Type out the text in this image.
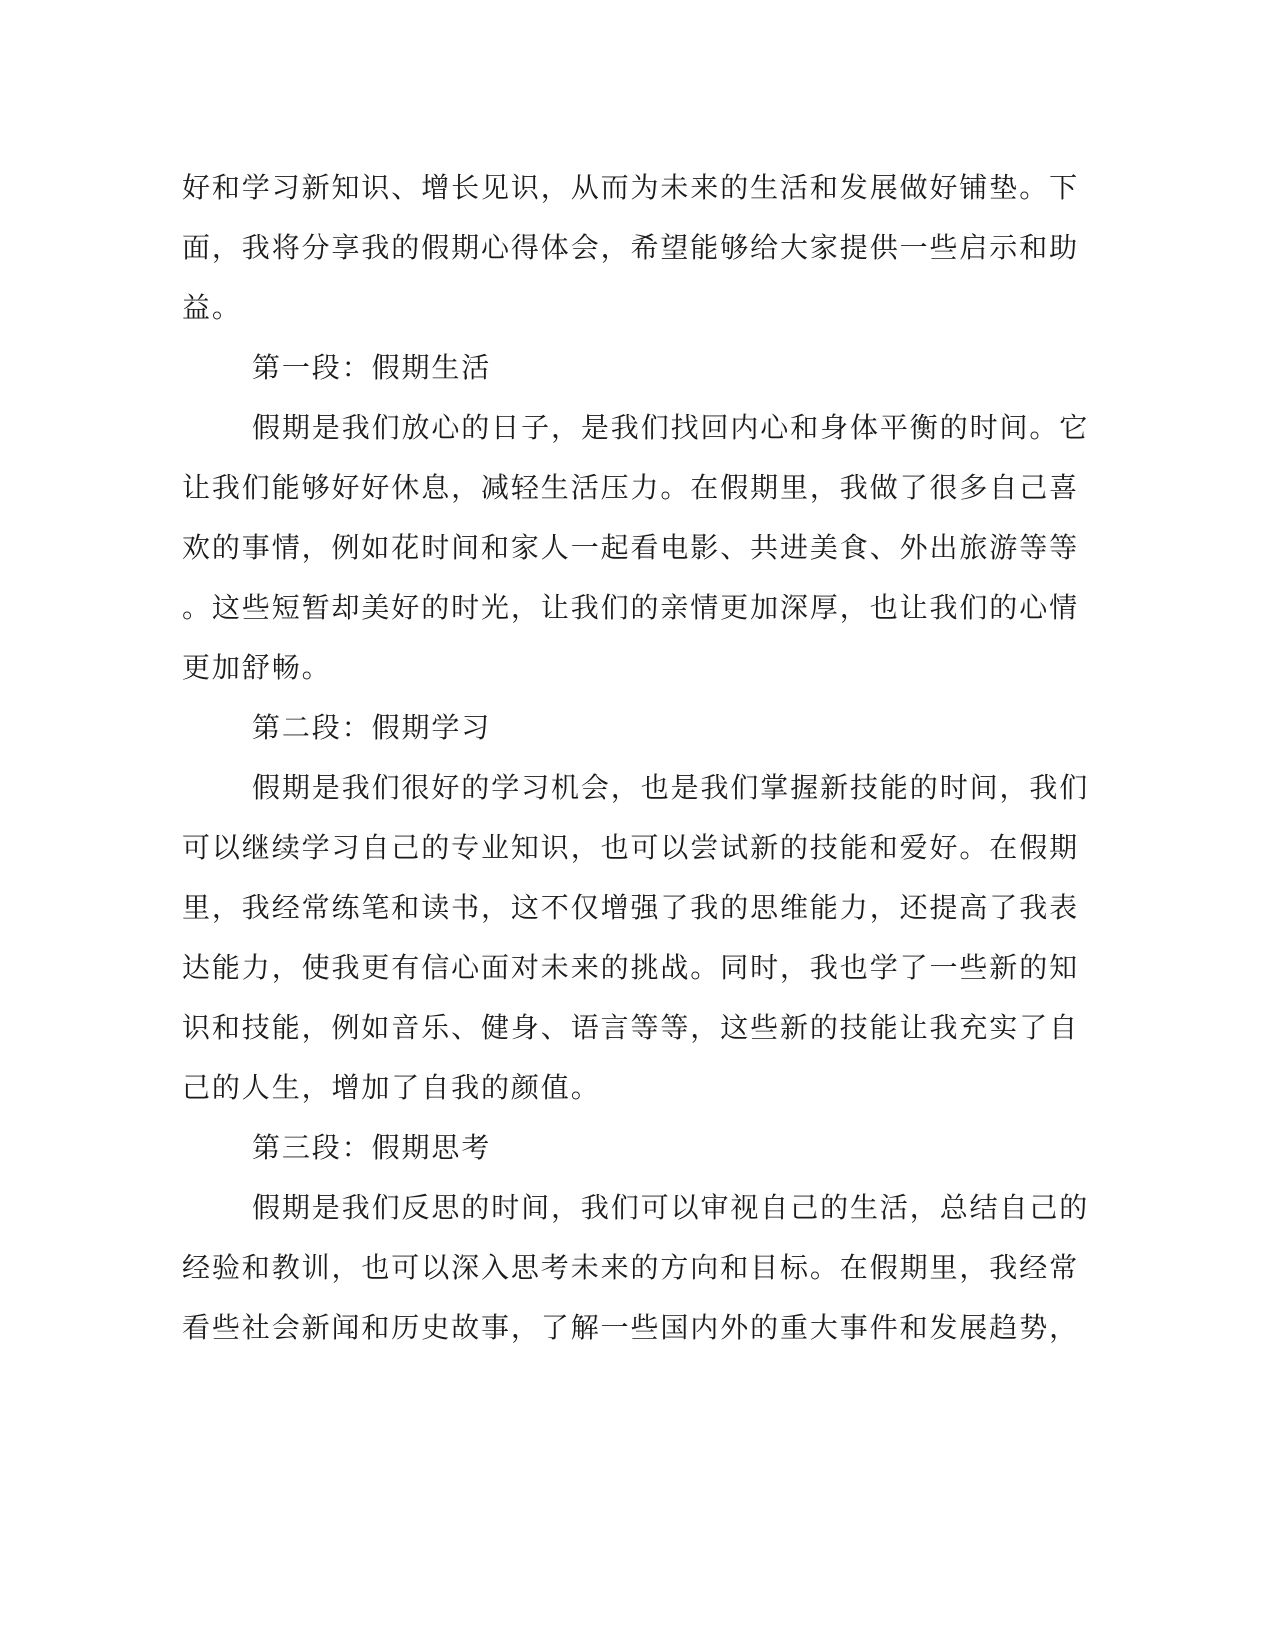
好和学习新知识、增长见识，从而为未来的生活和发展做好铺垫。下
面，我将分享我的假期心得体会，希望能够给大家提供一些启示和助
益。
第一段：假期生活
假期是我们放心的日子，是我们找回内心和身体平衡的时间。它
让我们能够好好休息，减轻生活压力。在假期里，我做了很多自己喜
欢的事情，例如花时间和家人一起看电影、共进美食、外出旅游等等
。这些短暂却美好的时光，让我们的亲情更加深厚，也让我们的心情
更加舒畅。
第二段：假期学习
假期是我们很好的学习机会，也是我们掌握新技能的时间，我们
可以继续学习自己的专业知识，也可以尝试新的技能和爱好。在假期
里，我经常练笔和读书，这不仅增强了我的思维能力，还提高了我表
达能力，使我更有信心面对未来的挑战。同时，我也学了一些新的知
识和技能，例如音乐、健身、语言等等，这些新的技能让我充实了自
己的人生，增加了自我的颜值。
第三段：假期思考
假期是我们反思的时间，我们可以审视自己的生活，总结自己的
经验和教训，也可以深入思考未来的方向和目标。在假期里，我经常
看些社会新闻和历史故事，了解一些国内外的重大事件和发展趋势，
